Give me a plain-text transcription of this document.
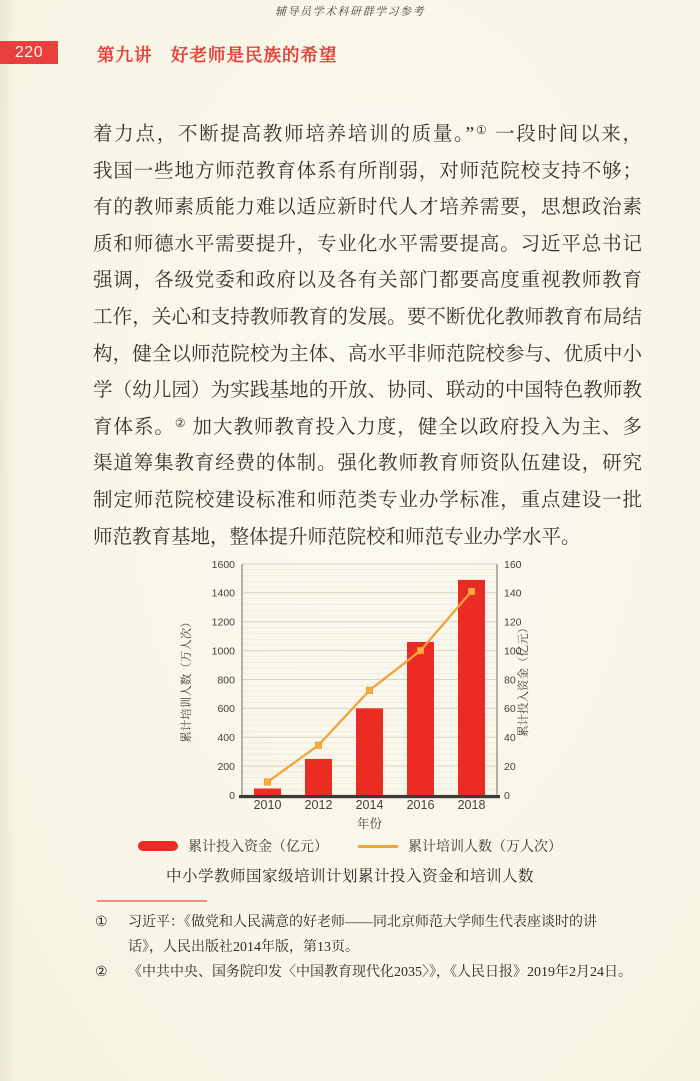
辅导员学术科研群学习参考
220	第九讲　好老师是民族的希望
着力点，不断提高教师培养培训的质量。”① 一段时间以来，
我国一些地方师范教育体系有所削弱，对师范院校支持不够；
有的教师素质能力难以适应新时代人才培养需要，思想政治素
质和师德水平需要提升，专业化水平需要提高。习近平总书记
强调，各级党委和政府以及各有关部门都要高度重视教师教育
工作，关心和支持教师教育的发展。要不断优化教师教育布局结
构，健全以师范院校为主体、高水平非师范院校参与、优质中小
学（幼儿园）为实践基地的开放、协同、联动的中国特色教师教
育体系。② 加大教师教育投入力度，健全以政府投入为主、多
渠道筹集教育经费的体制。强化教师教育师资队伍建设，研究
制定师范院校建设标准和师范类专业办学标准，重点建设一批
师范教育基地，整体提升师范院校和师范专业办学水平。
0
200
400
600
800
1000
1200
1400
1600
0
20
40
60
80
100
120
140
160
2010 2012 2014 2016 2018
年份
累计培训人数（万人次）	累计投入资金（亿元）
累计投入资金（亿元）	累计培训人数（万人次）
中小学教师国家级培训计划累计投入资金和培训人数
① 习近平：《做党和人民满意的好老师——同北京师范大学师生代表座谈时的讲
话》，人民出版社2014年版，第13页。
② 《中共中央、国务院印发〈中国教育现代化2035〉》，《人民日报》2019年2月24日。
